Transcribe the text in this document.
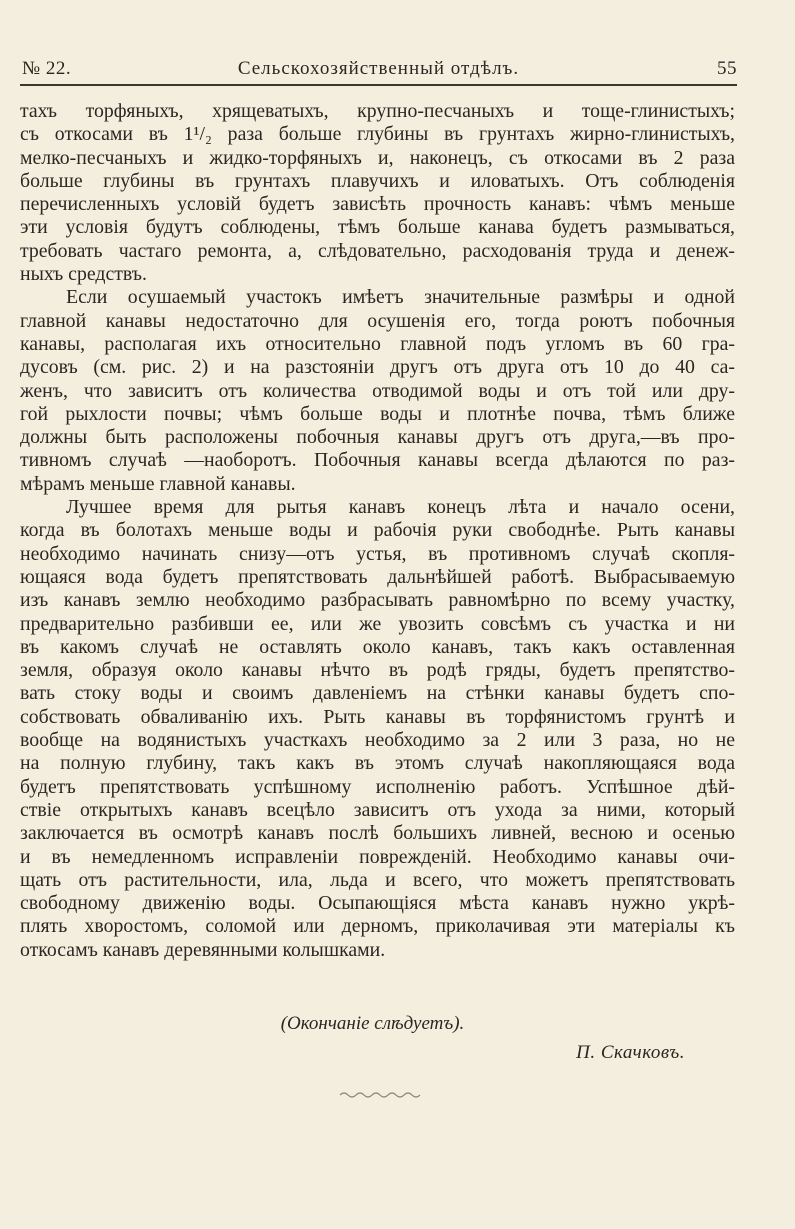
№ 22.	Сельскохозяйственный отдѣлъ.	55
тахъ торфяныхъ, хрящеватыхъ, крупно-песчаныхъ и тоще-глинистыхъ;
съ откосами въ 1¹/₂ раза больше глубины въ грунтахъ жирно-глинистыхъ,
мелко-песчаныхъ и жидко-торфяныхъ и, наконецъ, съ откосами въ 2 раза
больше глубины въ грунтахъ плавучихъ и иловатыхъ. Отъ соблюденія
перечисленныхъ условій будетъ зависѣть прочность канавъ: чѣмъ меньше
эти условія будутъ соблюдены, тѣмъ больше канава будетъ размываться,
требовать частаго ремонта, а, слѣдовательно, расходованія труда и денеж-
ныхъ средствъ.
Если осушаемый участокъ имѣетъ значительные размѣры и одной
главной канавы недостаточно для осушенія его, тогда роютъ побочныя
канавы, располагая ихъ относительно главной подъ угломъ въ 60 гра-
дусовъ (см. рис. 2) и на разстояніи другъ отъ друга отъ 10 до 40 са-
женъ, что зависитъ отъ количества отводимой воды и отъ той или дру-
гой рыхлости почвы; чѣмъ больше воды и плотнѣе почва, тѣмъ ближе
должны быть расположены побочныя канавы другъ отъ друга,—въ про-
тивномъ случаѣ —наоборотъ. Побочныя канавы всегда дѣлаются по раз-
мѣрамъ меньше главной канавы.
Лучшее время для рытья канавъ конецъ лѣта и начало осени,
когда въ болотахъ меньше воды и рабочія руки свободнѣе. Рыть канавы
необходимо начинать снизу—отъ устья, въ противномъ случаѣ скопля-
ющаяся вода будетъ препятствовать дальнѣйшей работѣ. Выбрасываемую
изъ канавъ землю необходимо разбрасывать равномѣрно по всему участку,
предварительно разбивши ее, или же увозить совсѣмъ съ участка и ни
въ какомъ случаѣ не оставлять около канавъ, такъ какъ оставленная
земля, образуя около канавы нѣчто въ родѣ гряды, будетъ препятство-
вать стоку воды и своимъ давленіемъ на стѣнки канавы будетъ спо-
собствовать обваливанію ихъ. Рыть канавы въ торфянистомъ грунтѣ и
вообще на водянистыхъ участкахъ необходимо за 2 или 3 раза, но не
на полную глубину, такъ какъ въ этомъ случаѣ накопляющаяся вода
будетъ препятствовать успѣшному исполненію работъ. Успѣшное дѣй-
ствіе открытыхъ канавъ всецѣло зависитъ отъ ухода за ними, который
заключается въ осмотрѣ канавъ послѣ большихъ ливней, весною и осенью
и въ немедленномъ исправленіи поврежденій. Необходимо канавы очи-
щать отъ растительности, ила, льда и всего, что можетъ препятствовать
свободному движенію воды. Осыпающіяся мѣста канавъ нужно укрѣ-
плять хворостомъ, соломой или дерномъ, приколачивая эти матеріалы къ
откосамъ канавъ деревянными колышками.
(Окончаніе слѣдуетъ).
П. Скачковъ.
